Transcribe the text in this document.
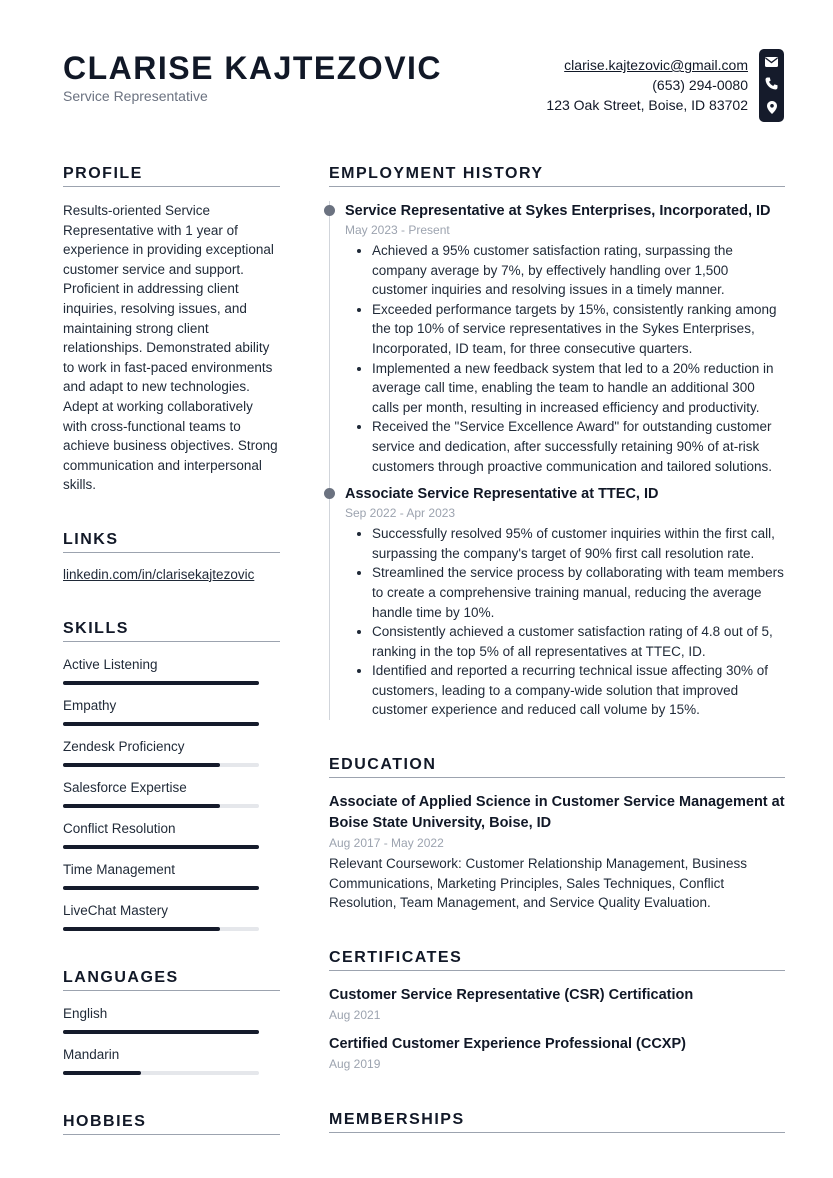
CLARISE KAJTEZOVIC
Service Representative
clarise.kajtezovic@gmail.com
(653) 294-0080
123 Oak Street, Boise, ID 83702
PROFILE

Results-oriented Service Representative with 1 year of experience in providing exceptional customer service and support. Proficient in addressing client inquiries, resolving issues, and maintaining strong client relationships. Demonstrated ability to work in fast-paced environments and adapt to new technologies. Adept at working collaboratively with cross-functional teams to achieve business objectives. Strong communication and interpersonal skills.

LINKS
linkedin.com/in/clarisekajtezovic
SKILLS
Active Listening
Empathy
Zendesk Proficiency
Salesforce Expertise
Conflict Resolution
Time Management
LiveChat Mastery
LANGUAGES
English
Mandarin
HOBBIES
EMPLOYMENT HISTORY
Service Representative at Sykes Enterprises, Incorporated, ID
May 2023 - Present
• Achieved a 95% customer satisfaction rating, surpassing the company average by 7%, by effectively handling over 1,500 customer inquiries and resolving issues in a timely manner.
• Exceeded performance targets by 15%, consistently ranking among the top 10% of service representatives in the Sykes Enterprises, Incorporated, ID team, for three consecutive quarters.
• Implemented a new feedback system that led to a 20% reduction in average call time, enabling the team to handle an additional 300 calls per month, resulting in increased efficiency and productivity.
• Received the "Service Excellence Award" for outstanding customer service and dedication, after successfully retaining 90% of at-risk customers through proactive communication and tailored solutions.
Associate Service Representative at TTEC, ID
Sep 2022 - Apr 2023
• Successfully resolved 95% of customer inquiries within the first call, surpassing the company's target of 90% first call resolution rate.
• Streamlined the service process by collaborating with team members to create a comprehensive training manual, reducing the average handle time by 10%.
• Consistently achieved a customer satisfaction rating of 4.8 out of 5, ranking in the top 5% of all representatives at TTEC, ID.
• Identified and reported a recurring technical issue affecting 30% of customers, leading to a company-wide solution that improved customer experience and reduced call volume by 15%.
EDUCATION
Associate of Applied Science in Customer Service Management at Boise State University, Boise, ID
Aug 2017 - May 2022
Relevant Coursework: Customer Relationship Management, Business Communications, Marketing Principles, Sales Techniques, Conflict Resolution, Team Management, and Service Quality Evaluation.
CERTIFICATES
Customer Service Representative (CSR) Certification
Aug 2021
Certified Customer Experience Professional (CCXP)
Aug 2019
MEMBERSHIPS
